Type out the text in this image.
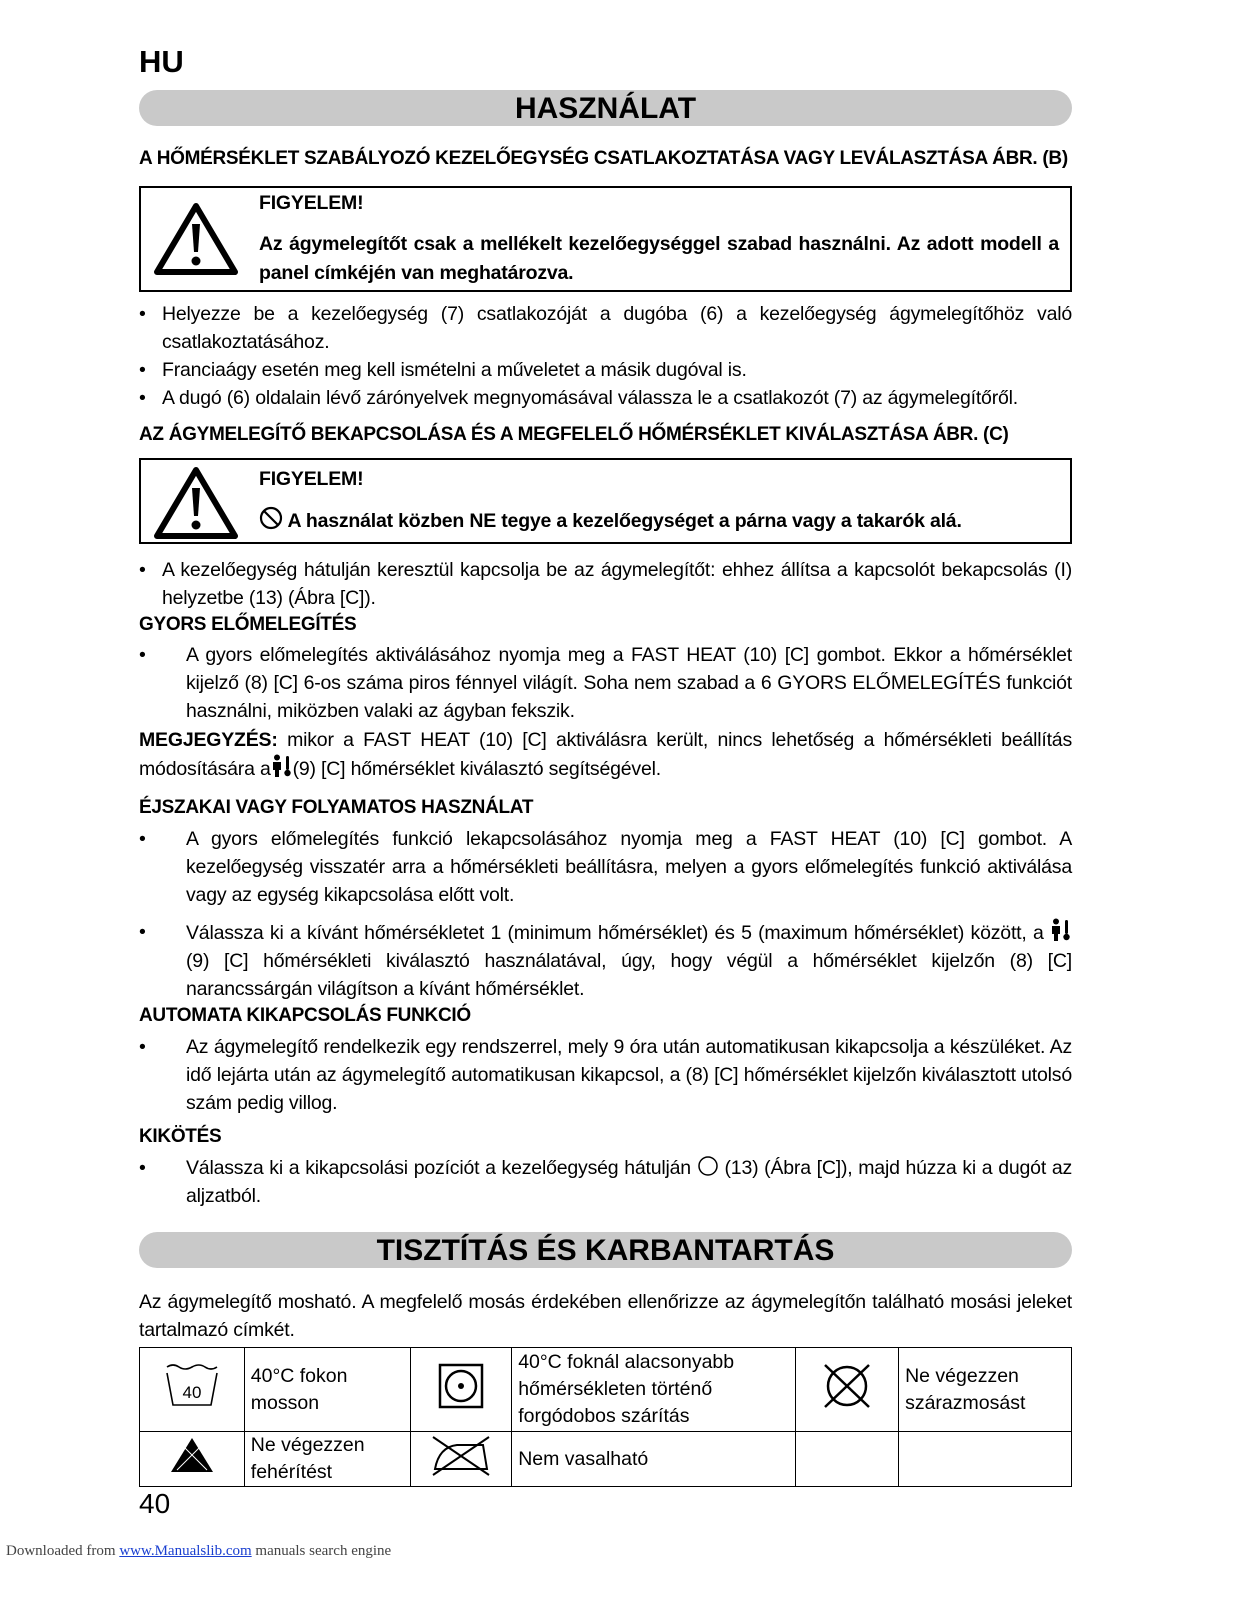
HU
HASZNÁLAT
A HŐMÉRSÉKLET SZABÁLYOZÓ KEZELŐEGYSÉG CSATLAKOZTATÁSA VAGY LEVÁLASZTÁSA ÁBR. (B)
FIGYELEM!
Az ágymelegítőt csak a mellékelt kezelőegységgel szabad használni. Az adott modell a panel címkéjén van meghatározva.
• Helyezze be a kezelőegység (7) csatlakozóját a dugóba (6) a kezelőegység ágymelegítőhöz való csatlakoztatásához.
• Franciaágy esetén meg kell ismételni a műveletet a másik dugóval is.
• A dugó (6) oldalain lévő zárónyelvek megnyomásával válassza le a csatlakozót (7) az ágymelegítőről.
AZ ÁGYMELEGÍTŐ BEKAPCSOLÁSA ÉS A MEGFELELŐ HŐMÉRSÉKLET KIVÁLASZTÁSA ÁBR. (C)
FIGYELEM!
A használat közben NE tegye a kezelőegységet a párna vagy a takarók alá.
• A kezelőegység hátulján keresztül kapcsolja be az ágymelegítőt: ehhez állítsa a kapcsolót bekapcsolás (I) helyzetbe (13) (Ábra [C]).
GYORS ELŐMELEGÍTÉS
• A gyors előmelegítés aktiválásához nyomja meg a FAST HEAT (10) [C] gombot. Ekkor a hőmérséklet kijelző (8) [C] 6-os száma piros fénnyel világít. Soha nem szabad a 6 GYORS ELŐMELEGÍTÉS funkciót használni, miközben valaki az ágyban fekszik.
MEGJEGYZÉS: mikor a FAST HEAT (10) [C] aktiválásra került, nincs lehetőség a hőmérsékleti beállítás módosítására a (9) [C] hőmérséklet kiválasztó segítségével.
ÉJSZAKAI VAGY FOLYAMATOS HASZNÁLAT
• A gyors előmelegítés funkció lekapcsolásához nyomja meg a FAST HEAT (10) [C] gombot. A kezelőegység visszatér arra a hőmérsékleti beállításra, melyen a gyors előmelegítés funkció aktiválása vagy az egység kikapcsolása előtt volt.
• Válassza ki a kívánt hőmérsékletet 1 (minimum hőmérséklet) és 5 (maximum hőmérséklet) között, a  (9) [C] hőmérsékleti kiválasztó használatával, úgy, hogy végül a hőmérséklet kijelzőn (8) [C] narancssárgán világítson a kívánt hőmérséklet.
AUTOMATA KIKAPCSOLÁS FUNKCIÓ
• Az ágymelegítő rendelkezik egy rendszerrel, mely 9 óra után automatikusan kikapcsolja a készüléket. Az idő lejárta után az ágymelegítő automatikusan kikapcsol, a (8) [C] hőmérséklet kijelzőn kiválasztott utolsó szám pedig villog.
KIKÖTÉS
• Válassza ki a kikapcsolási pozíciót a kezelőegység hátulján (13) (Ábra [C]), majd húzza ki a dugót az aljzatból.
TISZTÍTÁS ÉS KARBANTARTÁS
Az ágymelegítő mosható. A megfelelő mosás érdekében ellenőrizze az ágymelegítőn található mosási jeleket tartalmazó címkét.
40	40°C fokon mosson		40°C foknál alacsonyabb hőmérsékleten történő forgódobos szárítás		Ne végezzen szárazmosást

	Ne végezzen fehérítést		Nem vasalható		
40
Downloaded from www.Manualslib.com manuals search engine
